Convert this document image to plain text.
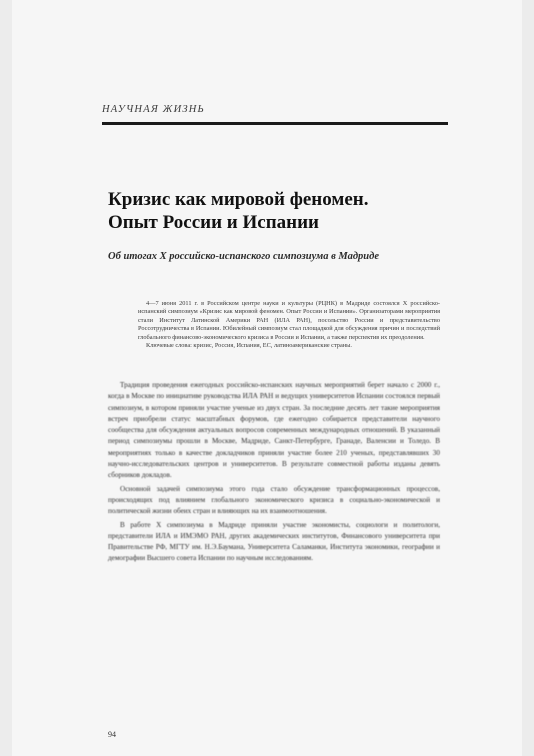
НАУЧНАЯ ЖИЗНЬ
Кризис как мировой феномен.
Опыт России и Испании
Об итогах X российско-испанского симпозиума в Мадриде

4—7 июня 2011 г. в Российском центре науки и культуры (РЦНК) в Мадриде состоялся X российско-испанский симпозиум «Кризис как мировой феномен. Опыт России и Испании». Организаторами мероприятия стали Институт Латинской Америки РАН (ИЛА РАН), посольство России и представительство Россотрудничества в Испании. Юбилейный симпозиум стал площадкой для обсуждения причин и последствий глобального финансово-экономического кризиса в России и Испании, а также перспектив их преодоления.

Ключевые слова: кризис, Россия, Испания, ЕС, латиноамериканские страны.

Традиция проведения ежегодных российско-испанских научных мероприятий берет начало с 2000 г., когда в Москве по инициативе руководства ИЛА РАН и ведущих университетов Испании состоялся первый симпозиум, в котором приняли участие ученые из двух стран. За последние десять лет такие мероприятия встреч приобрели статус масштабных форумов, где ежегодно собирается представители научного сообщества для обсуждения актуальных вопросов современных международных отношений. В указанный период симпозиумы прошли в Москве, Мадриде, Санкт-Петербурге, Гранаде, Валенсии и Толедо. В мероприятиях только в качестве докладчиков приняли участие более 210 ученых, представлявших 30 научно-исследовательских центров и университетов. В результате совместной работы изданы девять сборников докладов.

Основной задачей симпозиума этого года стало обсуждение трансформационных процессов, происходящих под влиянием глобального экономического кризиса в социально-экономической и политической жизни обеих стран и влияющих на их взаимоотношения.

В работе X симпозиума в Мадриде приняли участие экономисты, социологи и политологи, представители ИЛА и ИМЭМО РАН, других академических институтов, Финансового университета при Правительстве РФ, МГТУ им. Н.Э.Баумана, Университета Саламанки, Института экономики, географии и демографии Высшего совета Испании по научным исследованиям.

94
